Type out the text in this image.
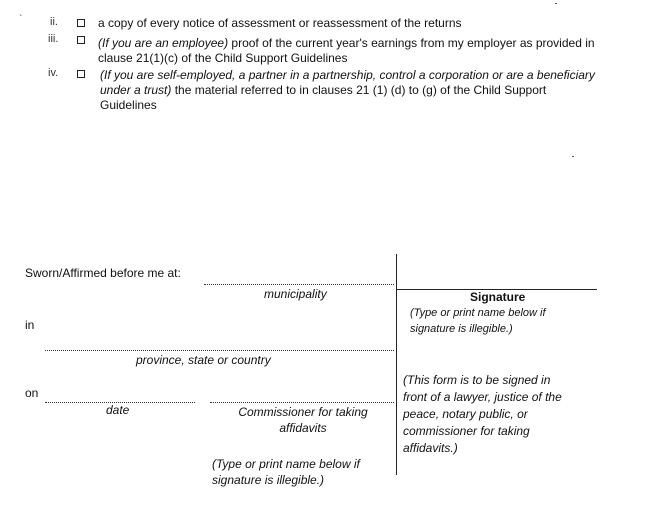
`	ii.	a copy of every notice of assessment or reassessment of the returns
iii.	(If you are an employee) proof of the current year's earnings from my employer as provided in
clause 21(1)(c) of the Child Support Guidelines
iv.	(If you are self-employed, a partner in a partnership, control a corporation or are a beneficiary
under a trust) the material referred to in clauses 21 (1) (d) to (g) of the Child Support
Guidelines
Sworn/Affirmed before me at:
municipality
in
province, state or country
on
date	Commissioner for taking
affidavits
(Type or print name below if
signature is illegible.)
Signature
(Type or print name below if
signature is illegible.)
(This form is to be signed in
front of a lawyer, justice of the
peace, notary public, or
commissioner for taking
affidavits.)
